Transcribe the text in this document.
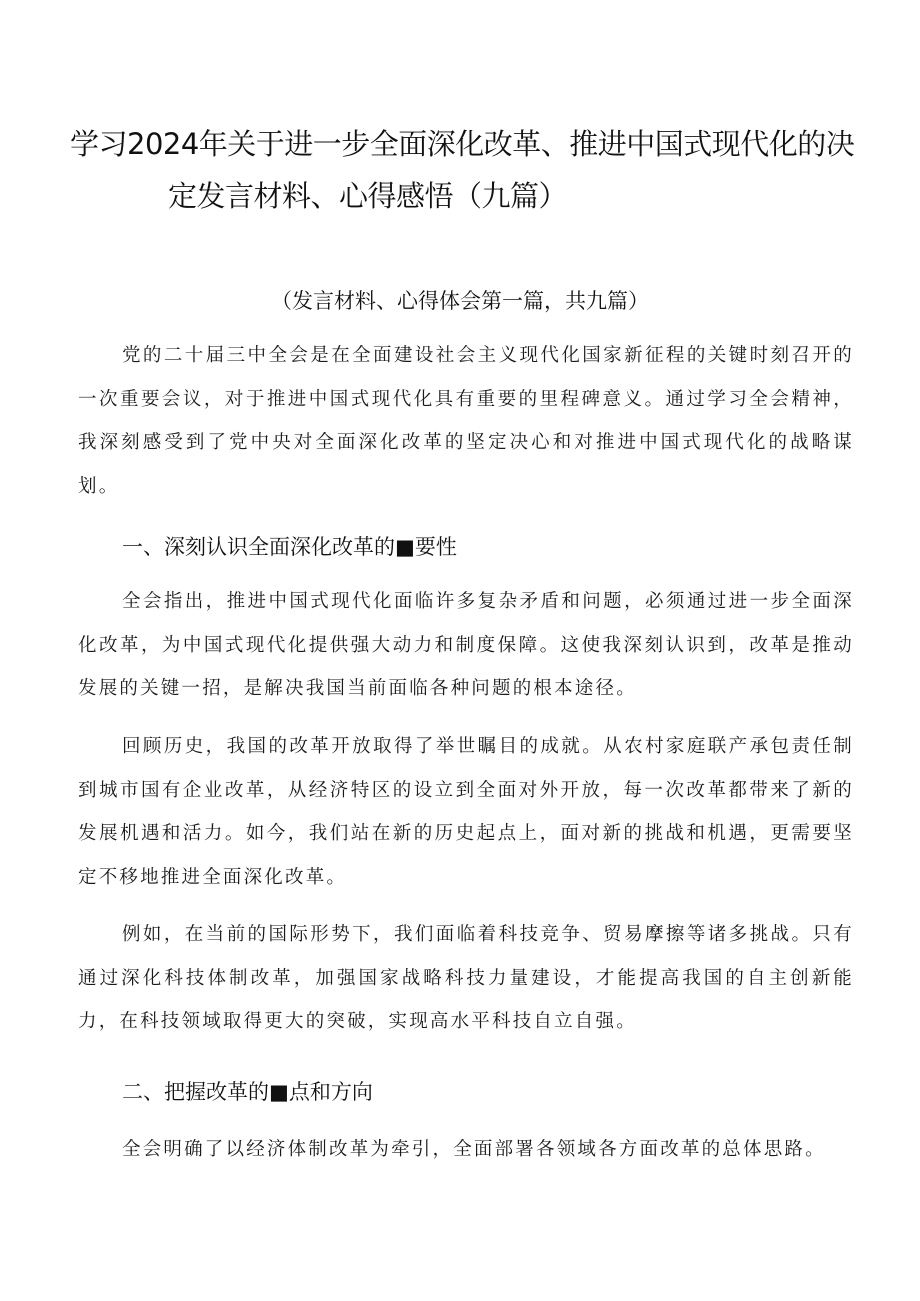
学习2024年关于进一步全面深化改革、推进中国式现代化的决
定发言材料、心得感悟（九篇）
（发言材料、心得体会第一篇，共九篇）

党的二十届三中全会是在全面建设社会主义现代化国家新征程的关键时刻召开的一次重要会议，对于推进中国式现代化具有重要的里程碑意义。通过学习全会精神，我深刻感受到了党中央对全面深化改革的坚定决心和对推进中国式现代化的战略谋划。

一、深刻认识全面深化改革的■要性

全会指出，推进中国式现代化面临许多复杂矛盾和问题，必须通过进一步全面深化改革，为中国式现代化提供强大动力和制度保障。这使我深刻认识到，改革是推动发展的关键一招，是解决我国当前面临各种问题的根本途径。

回顾历史，我国的改革开放取得了举世瞩目的成就。从农村家庭联产承包责任制到城市国有企业改革，从经济特区的设立到全面对外开放，每一次改革都带来了新的发展机遇和活力。如今，我们站在新的历史起点上，面对新的挑战和机遇，更需要坚定不移地推进全面深化改革。

例如，在当前的国际形势下，我们面临着科技竞争、贸易摩擦等诸多挑战。只有通过深化科技体制改革，加强国家战略科技力量建设，才能提高我国的自主创新能力，在科技领域取得更大的突破，实现高水平科技自立自强。

二、把握改革的■点和方向

全会明确了以经济体制改革为牵引，全面部署各领域各方面改革的总体思路。
